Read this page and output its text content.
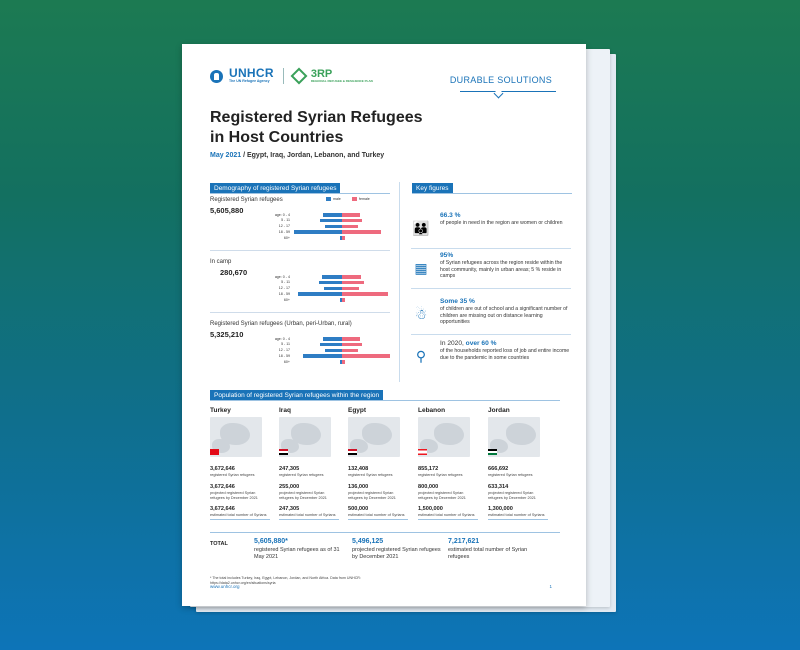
UNHCR
The UN Refugee Agency
3RP
REGIONAL REFUGEE & RESILIENCE PLAN	DURABLE SOLUTIONS
Registered Syrian Refugees
in Host Countries
May 2021 / Egypt, Iraq, Jordan, Lebanon, and Turkey
Demography of registered Syrian refugees	Key figures
Population of registered Syrian refugees within the region
TOTAL
* The total includes Turkey, Iraq, Egypt, Lebanon, Jordan, and North Africa. Data from UNHCR: https://data2.unhcr.org/en/situations/syria
www.unhcr.org	1
Registered Syrian refugees
5,605,880
male	female
age: 0 - 4
5 - 11
12 - 17
18 - 59
60+
In camp
280,670	age: 0 - 4
5 - 11
12 - 17
18 - 59
60+
Registered Syrian refugees (Urban, peri-Urban, rural)
5,325,210	age: 0 - 4
5 - 11
12 - 17
18 - 59
60+
👪
66.3 %
of people in need in the region are women or children
▦
95%
of Syrian refugees across the region reside within the host community, mainly in urban areas; 5 % reside in camps
☃
Some 35 %
of children are out of school and a significant number of children are missing out on distance learning opportunities
⚲
In 2020, over 60 %
of the households reported loss of job and entire income due to the pandemic in some countries
Turkey
3,672,646
registered Syrian refugees
3,672,646
projected registered Syrian refugees by December 2021
3,672,646
estimated total number of Syrians
Iraq
247,305
registered Syrian refugees
255,000
projected registered Syrian refugees by December 2021
247,305
estimated total number of Syrians
Egypt
132,408
registered Syrian refugees
136,000
projected registered Syrian refugees by December 2021
500,000
estimated total number of Syrians
Lebanon
855,172
registered Syrian refugees
800,000
projected registered Syrian refugees by December 2021
1,500,000
estimated total number of Syrians
Jordan
666,692
registered Syrian refugees
633,314
projected registered Syrian refugees by December 2021
1,300,000
estimated total number of Syrians
5,605,880*
registered Syrian refugees as of 31 May 2021
5,496,125
projected registered Syrian refugees by December 2021
7,217,621
estimated total number of Syrian refugees
